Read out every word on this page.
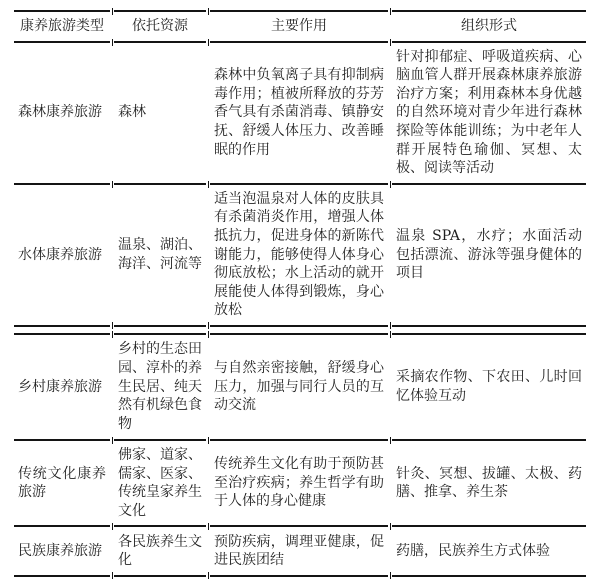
康养旅游类型	依托资源	主要作用	组织形式
森林康养旅游	森林	森林中负氧离子具有抑制病毒作用；植被所释放的芬芳香气具有杀菌消毒、镇静安抚、舒缓人体压力、改善睡眠的作用	针对抑郁症、呼吸道疾病、心脑血管人群开展森林康养旅游治疗方案；利用森林本身优越的自然环境对青少年进行森林探险等体能训练；为中老年人群开展特色瑜伽、冥想、太极、阅读等活动
水体康养旅游	温泉、湖泊、海洋、河流等	适当泡温泉对人体的皮肤具有杀菌消炎作用，增强人体抵抗力，促进身体的新陈代谢能力，能够使得人体身心彻底放松；水上活动的就开展能使人体得到锻炼，身心放松	温泉 SPA，水疗；水面活动包括漂流、游泳等强身健体的项目
乡村康养旅游	乡村的生态田园、淳朴的养生民居、纯天然有机绿色食物	与自然亲密接触，舒缓身心压力，加强与同行人员的互动交流	采摘农作物、下农田、儿时回忆体验互动
传统文化康养旅游	佛家、道家、儒家、医家、传统皇家养生文化	传统养生文化有助于预防甚至治疗疾病；养生哲学有助于人体的身心健康	针灸、冥想、拔罐、太极、药膳、推拿、养生茶
民族康养旅游	各民族养生文化	预防疾病，调理亚健康，促进民族团结	药膳，民族养生方式体验
